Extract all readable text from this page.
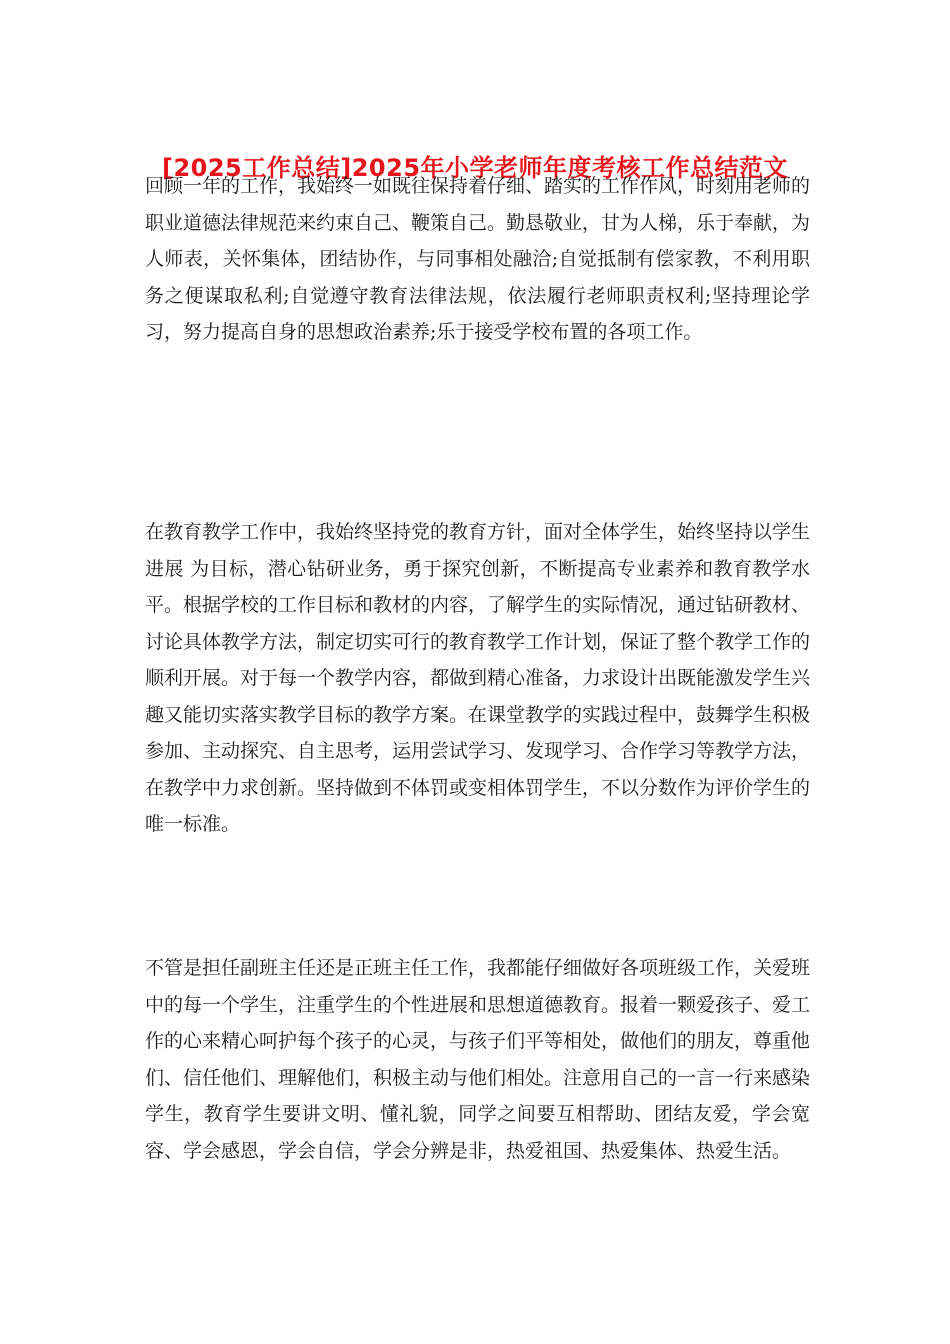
[2025工作总结]2025年小学老师年度考核工作总结范文

回顾一年的工作，我始终一如既往保持着仔细、踏实的工作作风，时刻用老师的职业道德法律规范来约束自己、鞭策自己。勤恳敬业，甘为人梯，乐于奉献，为人师表，关怀集体，团结协作，与同事相处融洽;自觉抵制有偿家教，不利用职务之便谋取私利;自觉遵守教育法律法规，依法履行老师职责权利;坚持理论学习，努力提高自身的思想政治素养;乐于接受学校布置的各项工作。

在教育教学工作中，我始终坚持党的教育方针，面对全体学生，始终坚持以学生进展 为目标，潜心钻研业务，勇于探究创新，不断提高专业素养和教育教学水平。根据学校的工作目标和教材的内容，了解学生的实际情况，通过钻研教材、讨论具体教学方法，制定切实可行的教育教学工作计划，保证了整个教学工作的顺利开展。对于每一个教学内容，都做到精心准备，力求设计出既能激发学生兴趣又能切实落实教学目标的教学方案。在课堂教学的实践过程中，鼓舞学生积极参加、主动探究、自主思考，运用尝试学习、发现学习、合作学习等教学方法，在教学中力求创新。坚持做到不体罚或变相体罚学生，不以分数作为评价学生的唯一标准。

不管是担任副班主任还是正班主任工作，我都能仔细做好各项班级工作，关爱班中的每一个学生，注重学生的个性进展和思想道德教育。报着一颗爱孩子、爱工作的心来精心呵护每个孩子的心灵，与孩子们平等相处，做他们的朋友，尊重他们、信任他们、理解他们，积极主动与他们相处。注意用自己的一言一行来感染学生，教育学生要讲文明、懂礼貌，同学之间要互相帮助、团结友爱，学会宽容、学会感恩，学会自信，学会分辨是非，热爱祖国、热爱集体、热爱生活。
